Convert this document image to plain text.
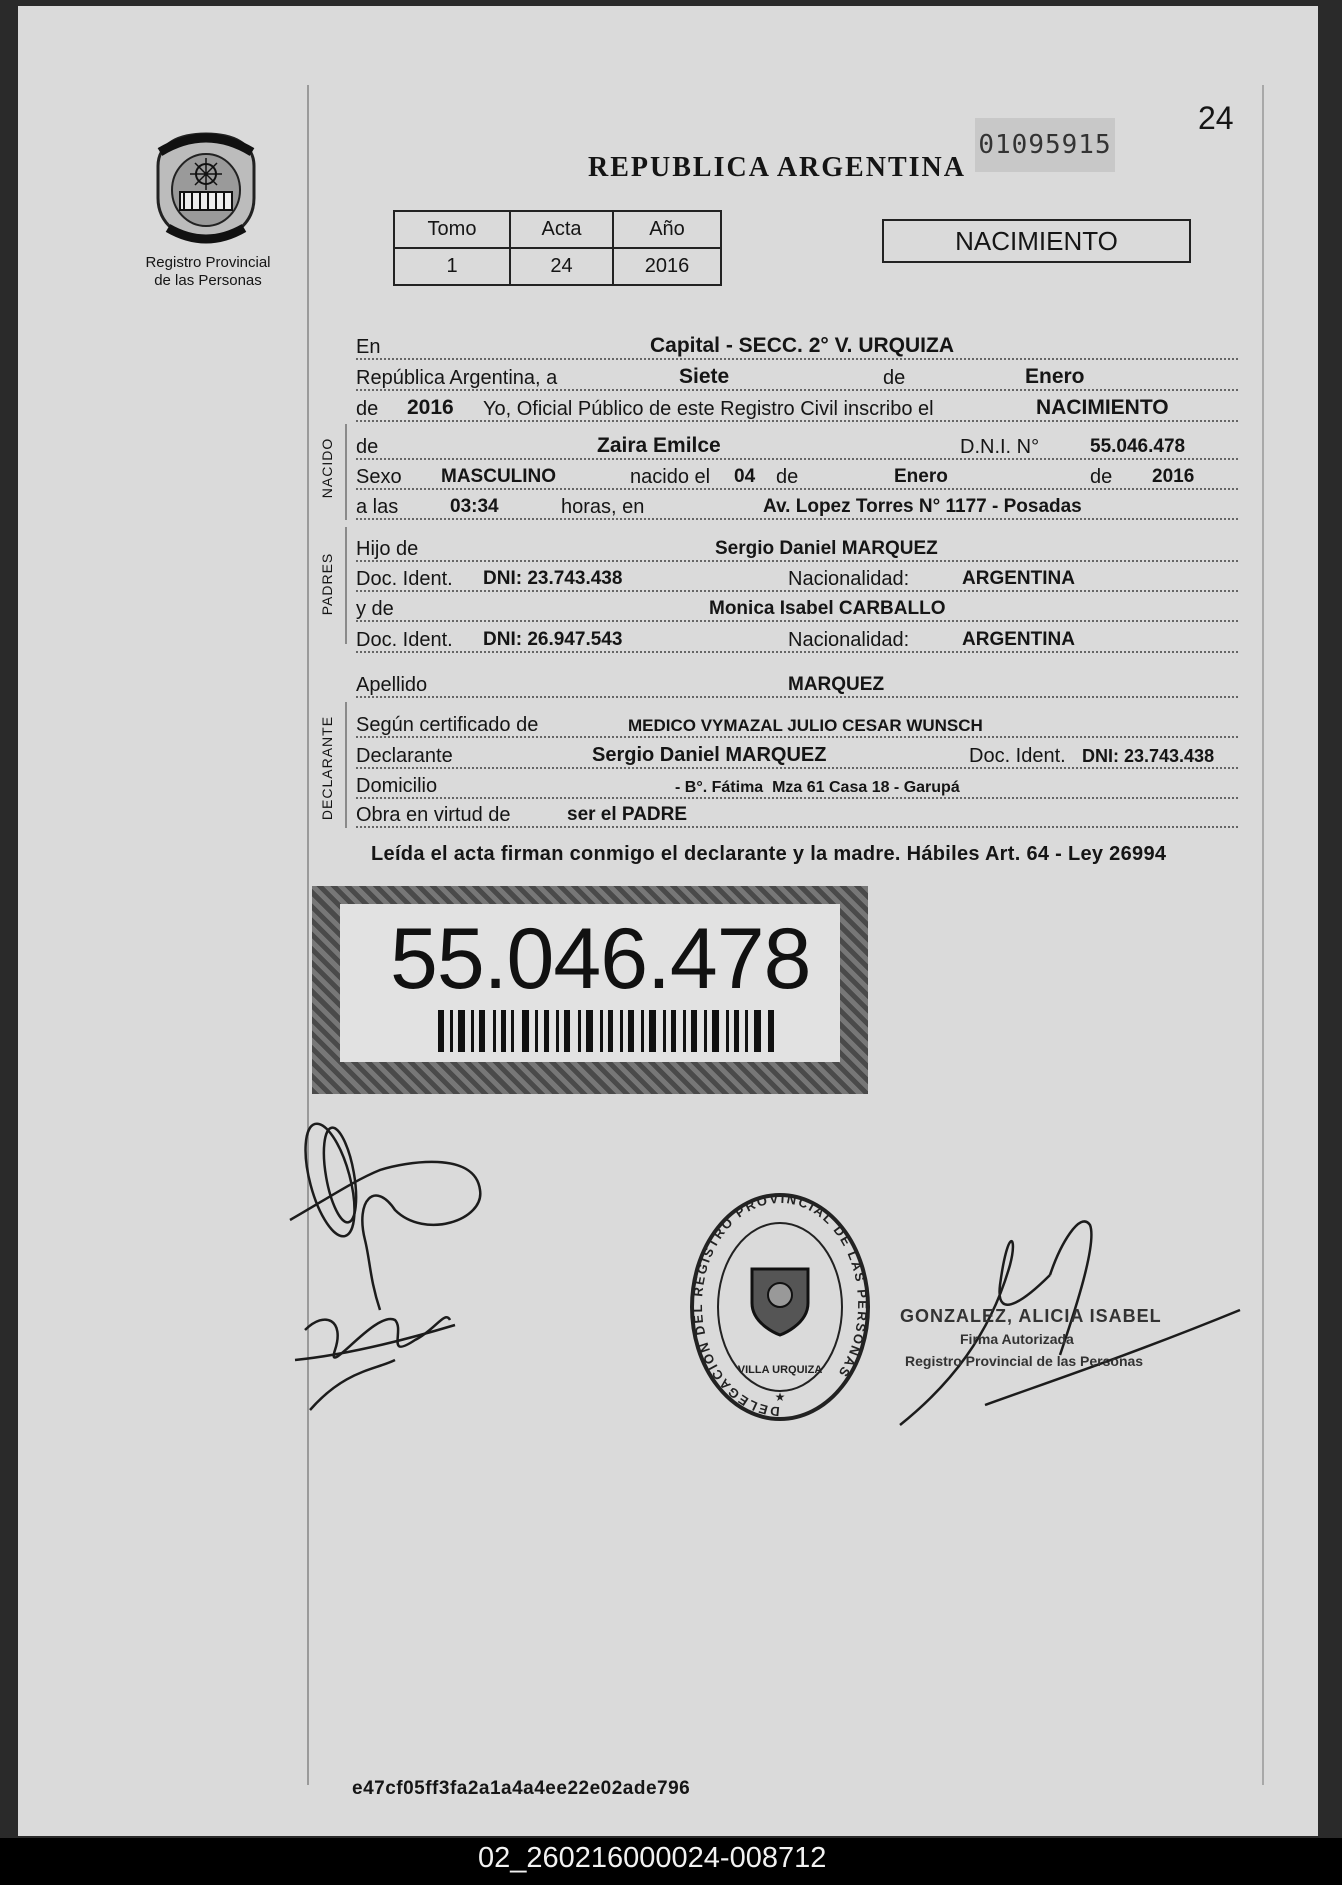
24
01095915
REPUBLICA ARGENTINA
Registro Provincial
de las Personas
Tomo	Acta	Año
1	24	2016
NACIMIENTO
NACIDO
PADRES
DECLARANTE
En	Capital - SECC. 2° V. URQUIZA
República Argentina, a	Siete	de	Enero
de 2016 Yo, Oficial Público de este Registro Civil inscribo el	NACIMIENTO
de	Zaira Emilce	D.N.I. N°	55.046.478
Sexo MASCULINO	nacido el 04 de	Enero	de 2016
a las	03:34	horas, en	Av. Lopez Torres N° 1177 - Posadas
Hijo de	Sergio Daniel MARQUEZ
Doc. Ident. DNI: 23.743.438	Nacionalidad:	ARGENTINA
y de	Monica Isabel CARBALLO
Doc. Ident. DNI: 26.947.543	Nacionalidad:	ARGENTINA
Apellido	MARQUEZ
Según certificado de	MEDICO VYMAZAL JULIO CESAR WUNSCH
Declarante	Sergio Daniel MARQUEZ	Doc. Ident. DNI: 23.743.438
Domicilio	- B°. Fátima  Mza 61 Casa 18 - Garupá
Obra en virtud de	ser el PADRE
Leída el acta firman conmigo el declarante y la madre. Hábiles Art. 64 - Ley 26994
55.046.478
GONZALEZ, ALICIA ISABEL
Firma Autorizada
Registro Provincial de las Personas
DELEGACION DEL REGISTRO PROVINCIAL DE LAS PERSONAS
VILLA URQUIZA
★
e47cf05ff3fa2a1a4a4ee22e02ade796
02_260216000024-008712
